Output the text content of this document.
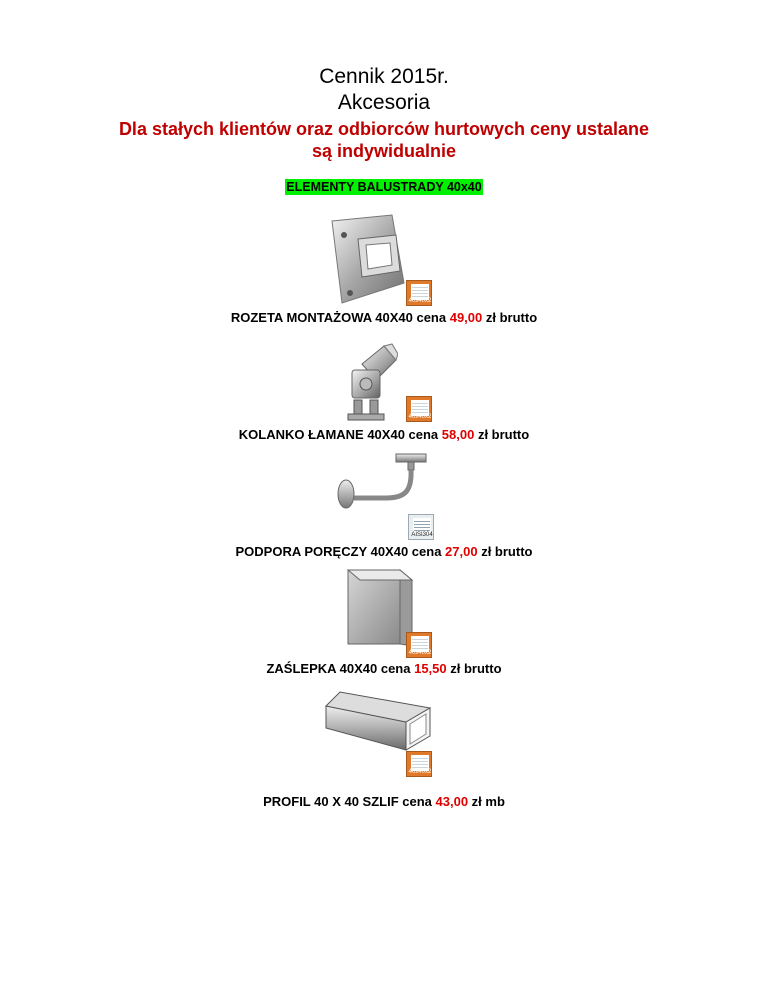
Cennik 2015r.
Akcesoria
Dla stałych klientów oraz odbiorców hurtowych ceny ustalane
są indywidualnie
ELEMENTY BALUSTRADY 40x40
40x40x2
ROZETA MONTAŻOWA 40X40 cena 49,00 zł brutto
40x40x2
KOLANKO ŁAMANE 40X40 cena 58,00 zł brutto
AISI304
PODPORA PORĘCZY 40X40 cena 27,00 zł brutto
40x40x2
ZAŚLEPKA 40X40 cena 15,50 zł brutto
40x40x2
PROFIL 40 X 40 SZLIF cena 43,00 zł mb
